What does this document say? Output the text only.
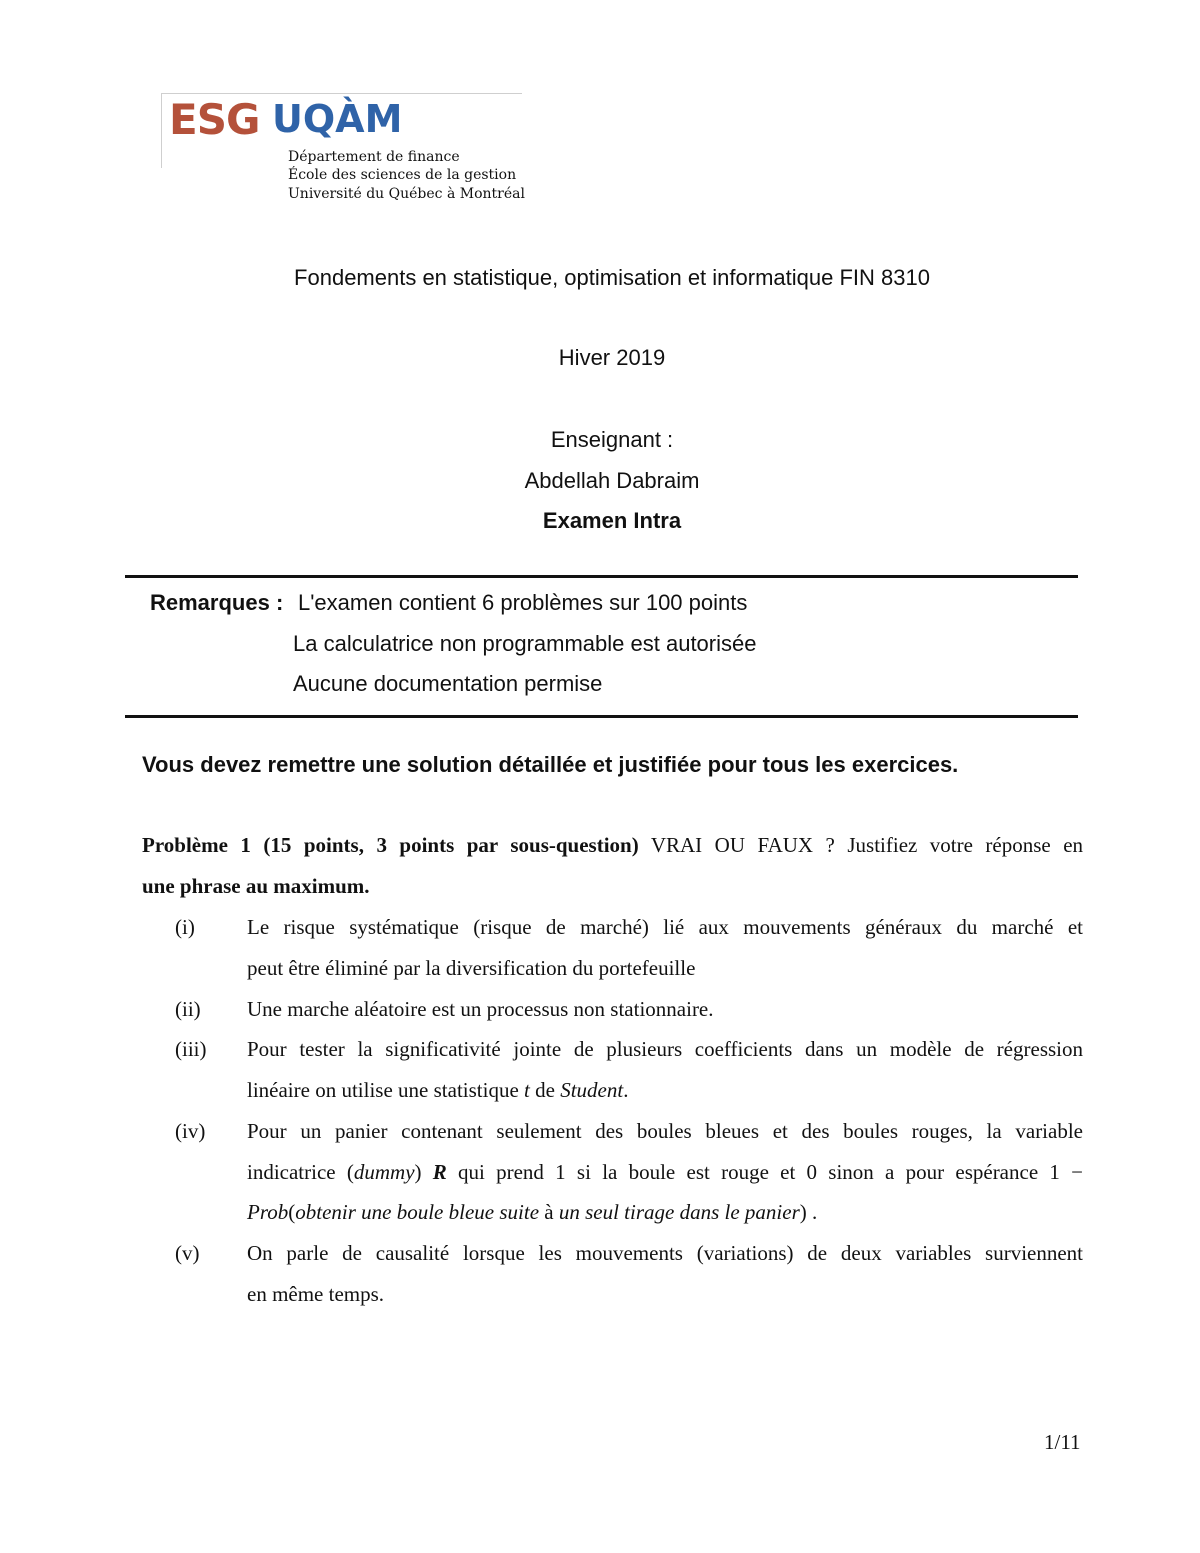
ESG UQÀM
Département de finance
École des sciences de la gestion
Université du Québec à Montréal
Fondements en statistique, optimisation et informatique FIN 8310
Hiver 2019
Enseignant :
Abdellah Dabraim
Examen Intra
Remarques : L'examen contient 6 problèmes sur 100 points
La calculatrice non programmable est autorisée
Aucune documentation permise
Vous devez remettre une solution détaillée et justifiée pour tous les exercices.
Problème 1 (15 points, 3 points par sous-question) VRAI OU FAUX ? Justifiez votre réponse en
une phrase au maximum.
(i) Le risque systématique (risque de marché) lié aux mouvements généraux du marché et
peut être éliminé par la diversification du portefeuille
(ii) Une marche aléatoire est un processus non stationnaire.
(iii) Pour tester la significativité jointe de plusieurs coefficients dans un modèle de régression
linéaire on utilise une statistique t de Student.
(iv) Pour un panier contenant seulement des boules bleues et des boules rouges, la variable
indicatrice (dummy) R qui prend 1 si la boule est rouge et 0 sinon a pour espérance 1 −
Prob(obtenir une boule bleue suite à un seul tirage dans le panier) .
(v) On parle de causalité lorsque les mouvements (variations) de deux variables surviennent
en même temps.
1/11
